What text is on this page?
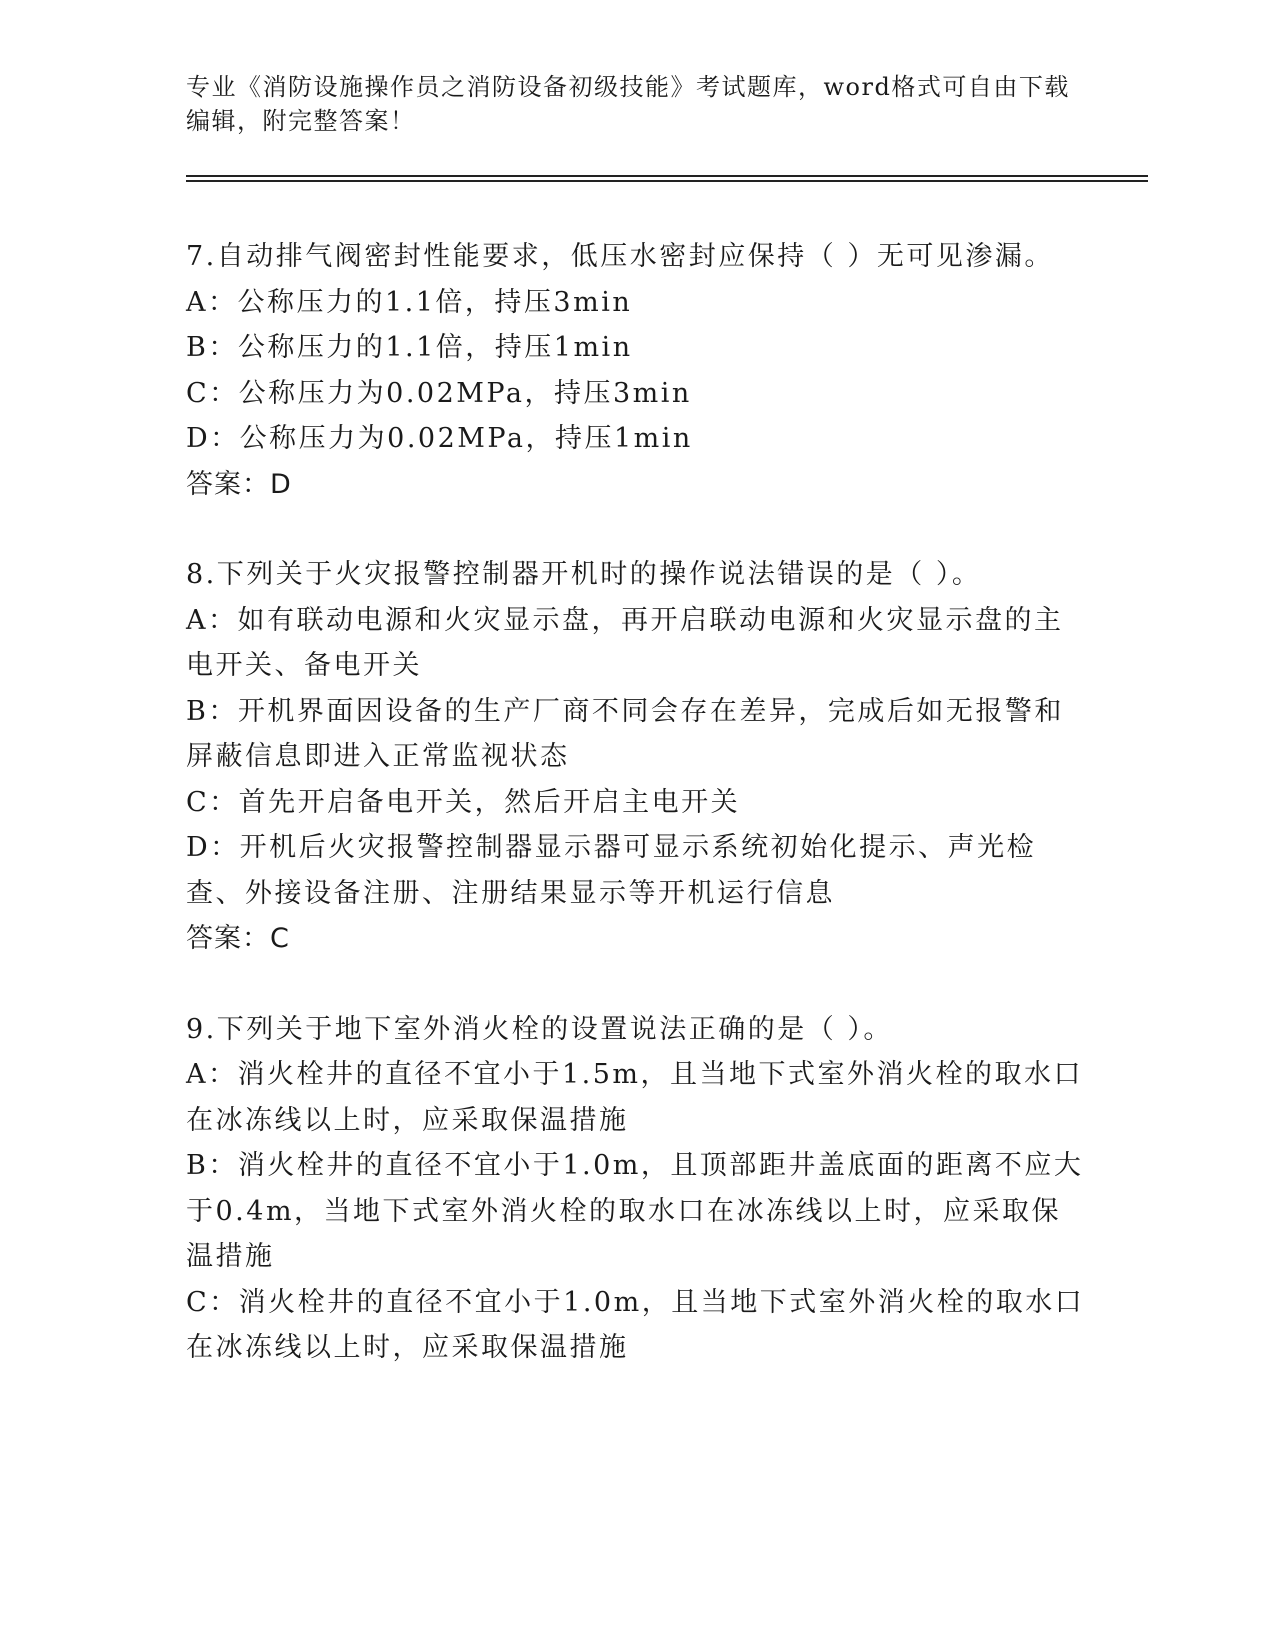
专业《消防设施操作员之消防设备初级技能》考试题库，word格式可自由下载编辑，附完整答案！
7.自动排气阀密封性能要求，低压水密封应保持（ ）无可见渗漏。
A：公称压力的1.1倍，持压3min
B：公称压力的1.1倍，持压1min
C：公称压力为0.02MPa，持压3min
D：公称压力为0.02MPa，持压1min
答案：D
8.下列关于火灾报警控制器开机时的操作说法错误的是（ ）。
A：如有联动电源和火灾显示盘，再开启联动电源和火灾显示盘的主电开关、备电开关
B：开机界面因设备的生产厂商不同会存在差异，完成后如无报警和屏蔽信息即进入正常监视状态
C：首先开启备电开关，然后开启主电开关
D：开机后火灾报警控制器显示器可显示系统初始化提示、声光检查、外接设备注册、注册结果显示等开机运行信息
答案：C
9.下列关于地下室外消火栓的设置说法正确的是（ ）。
A：消火栓井的直径不宜小于1.5m，且当地下式室外消火栓的取水口在冰冻线以上时，应采取保温措施
B：消火栓井的直径不宜小于1.0m，且顶部距井盖底面的距离不应大于0.4m，当地下式室外消火栓的取水口在冰冻线以上时，应采取保温措施
C：消火栓井的直径不宜小于1.0m，且当地下式室外消火栓的取水口在冰冻线以上时，应采取保温措施
